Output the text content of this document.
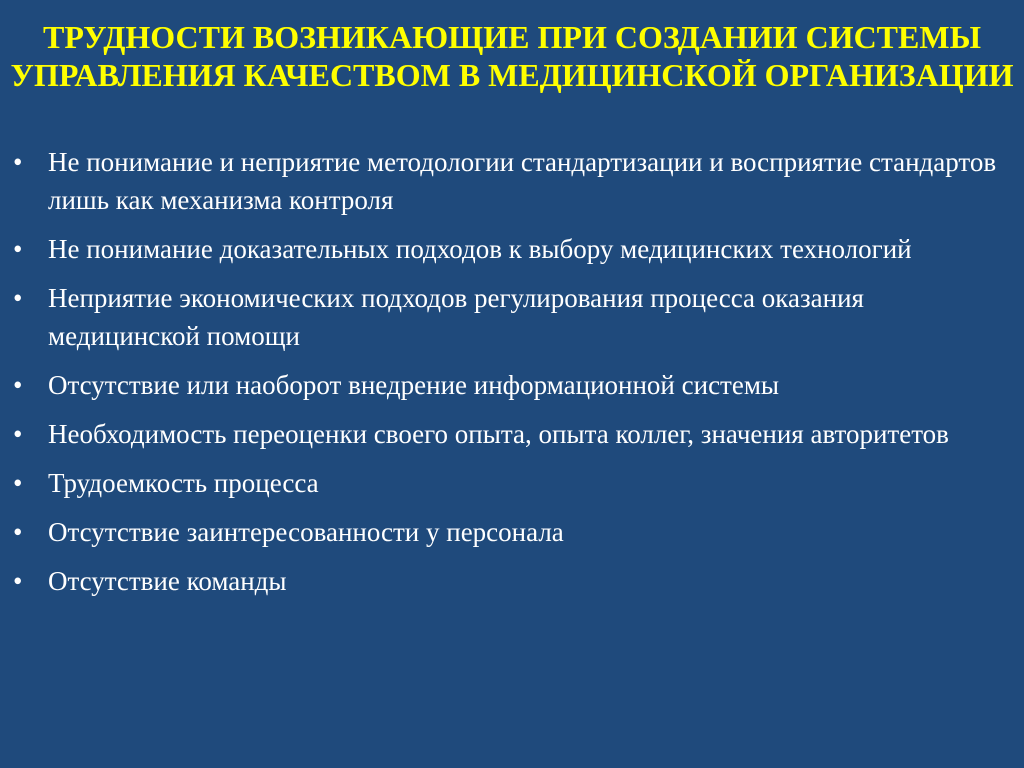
ТРУДНОСТИ ВОЗНИКАЮЩИЕ ПРИ СОЗДАНИИ СИСТЕМЫ УПРАВЛЕНИЯ КАЧЕСТВОМ В МЕДИЦИНСКОЙ ОРГАНИЗАЦИИ
• Не понимание и неприятие методологии стандартизации и восприятие стандартов лишь как механизма контроля
• Не понимание доказательных подходов к выбору медицинских технологий
• Неприятие экономических подходов регулирования процесса оказания медицинской помощи
• Отсутствие или наоборот внедрение информационной системы
• Необходимость переоценки своего опыта, опыта коллег, значения авторитетов
• Трудоемкость процесса
• Отсутствие заинтересованности у персонала
• Отсутствие команды
